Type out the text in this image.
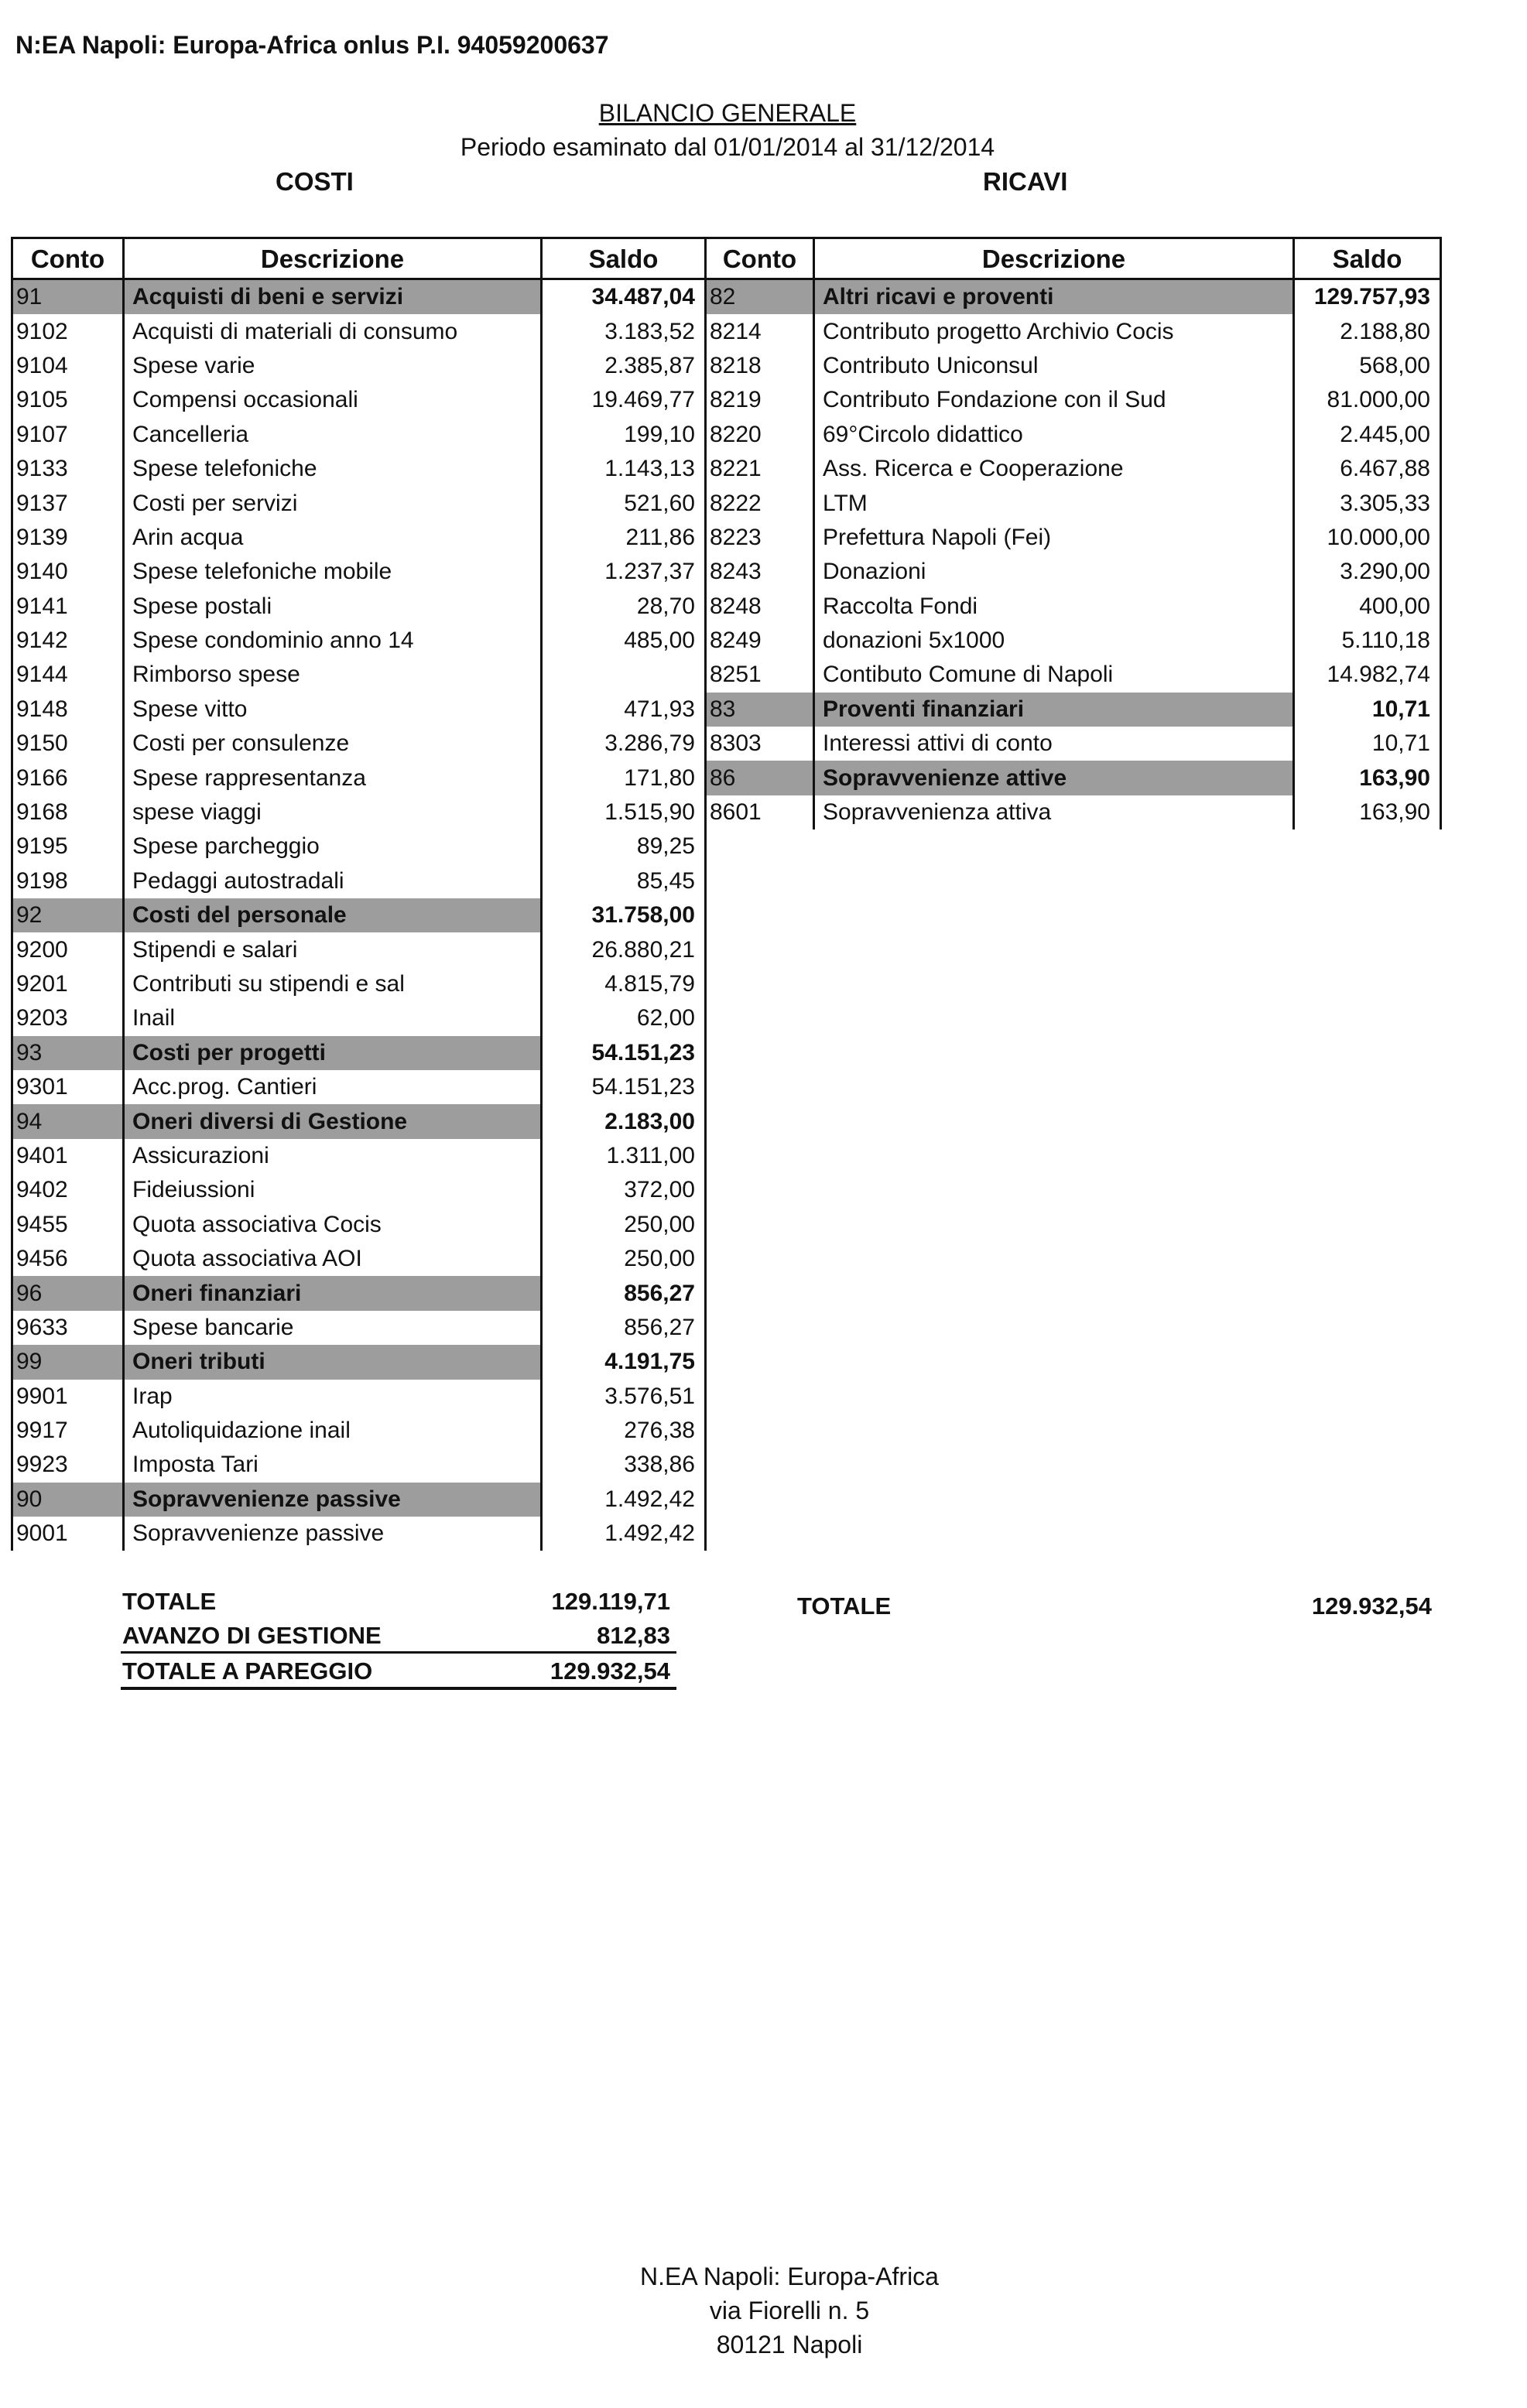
N:EA Napoli: Europa-Africa onlus P.I. 94059200637
BILANCIO GENERALE
Periodo esaminato dal 01/01/2014 al 31/12/2014
COSTI	RICAVI
Conto	Descrizione	Saldo	Conto	Descrizione	Saldo
91	Acquisti di beni e servizi	34.487,04	82	Altri ricavi e proventi	129.757,93
9102	Acquisti di materiali di consumo	3.183,52	8214	Contributo progetto Archivio Cocis	2.188,80
9104	Spese varie	2.385,87	8218	Contributo Uniconsul	568,00
9105	Compensi occasionali	19.469,77	8219	Contributo Fondazione con il Sud	81.000,00
9107	Cancelleria	199,10	8220	69°Circolo didattico	2.445,00
9133	Spese telefoniche	1.143,13	8221	Ass. Ricerca e Cooperazione	6.467,88
9137	Costi per servizi	521,60	8222	LTM	3.305,33
9139	Arin acqua	211,86	8223	Prefettura Napoli (Fei)	10.000,00
9140	Spese telefoniche mobile	1.237,37	8243	Donazioni	3.290,00
9141	Spese postali	28,70	8248	Raccolta Fondi	400,00
9142	Spese condominio anno 14	485,00	8249	donazioni 5x1000	5.110,18
9144	Rimborso spese		8251	Contibuto Comune di Napoli	14.982,74
9148	Spese vitto	471,93	83	Proventi finanziari	10,71
9150	Costi per consulenze	3.286,79	8303	Interessi attivi di conto	10,71
9166	Spese rappresentanza	171,80	86	Sopravvenienze attive	163,90
9168	spese viaggi	1.515,90	8601	Sopravvenienza attiva	163,90
9195	Spese parcheggio	89,25			
9198	Pedaggi autostradali	85,45			
92	Costi del personale	31.758,00			
9200	Stipendi e salari	26.880,21			
9201	Contributi su stipendi e sal	4.815,79			
9203	Inail	62,00			
93	Costi per progetti	54.151,23			
9301	Acc.prog. Cantieri	54.151,23			
94	Oneri diversi di Gestione	2.183,00			
9401	Assicurazioni	1.311,00			
9402	Fideiussioni	372,00			
9455	Quota associativa Cocis	250,00			
9456	Quota associativa AOI	250,00			
96	Oneri finanziari	856,27			
9633	Spese bancarie	856,27			
99	Oneri tributi	4.191,75			
9901	Irap	3.576,51			
9917	Autoliquidazione inail	276,38			
9923	Imposta Tari	338,86			
90	Sopravvenienze passive	1.492,42			
9001	Sopravvenienze passive	1.492,42			
TOTALE	129.119,71
AVANZO DI GESTIONE	812,83
TOTALE A PAREGGIO	129.932,54
TOTALE	129.932,54
N.EA Napoli: Europa-Africa
via Fiorelli n. 5
80121 Napoli
